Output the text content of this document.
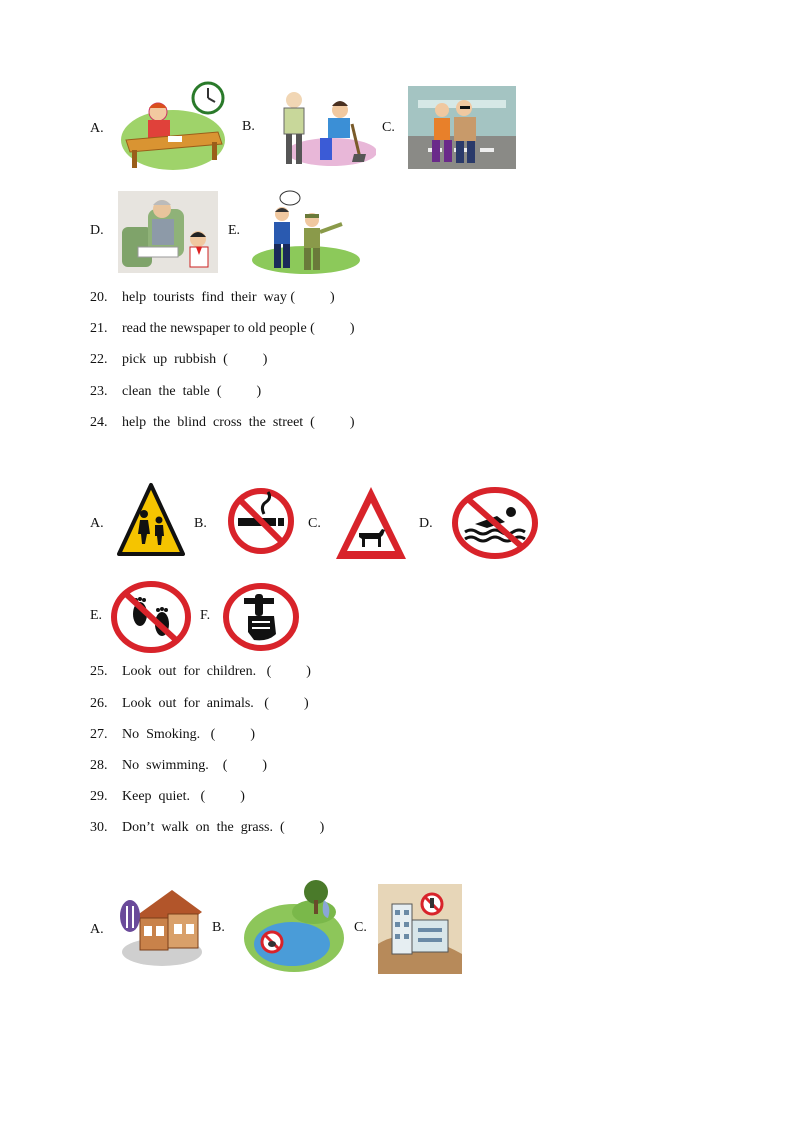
A.	B.	C.
D.	E.
20. help  tourists  find  their  way (          )
21. read the newspaper to old people (          )
22. pick  up  rubbish  (          )
23. clean  the  table  (          )
24. help  the  blind  cross  the  street  (          )
A.	B.	C.	D.
E.	F.
25. Look  out  for  children.   (          )
26. Look  out  for  animals.   (          )
27. No  Smoking.   (          )
28. No  swimming.    (          )
29. Keep  quiet.   (          )
30. Don’t  walk  on  the  grass.  (          )
A.	B.	C.
